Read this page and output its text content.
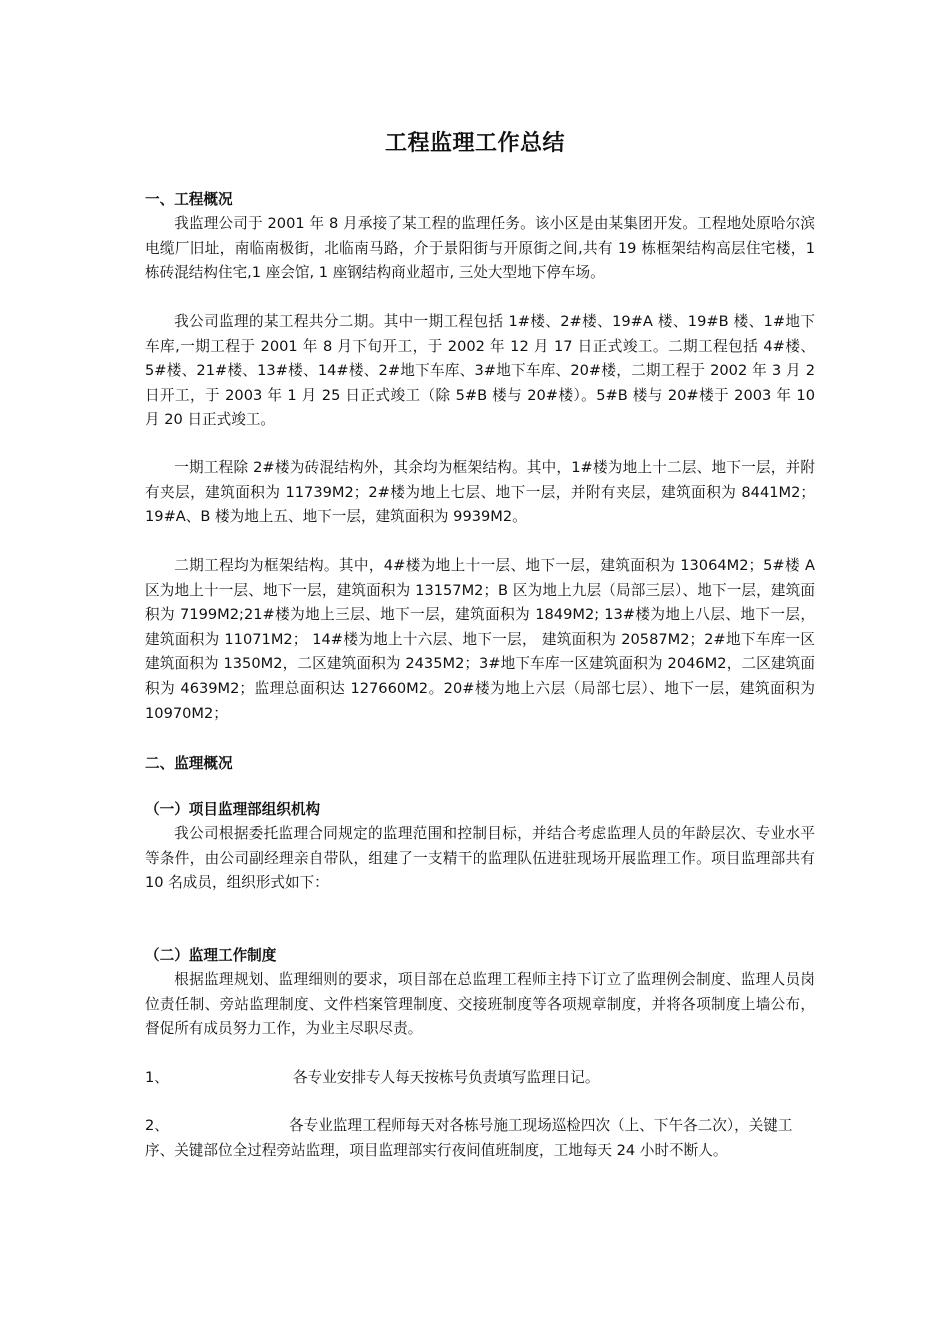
工程监理工作总结
一、工程概况

我监理公司于 2001 年 8 月承接了某工程的监理任务。该小区是由某集团开发。工程地处原哈尔滨电缆厂旧址，南临南极街，北临南马路，介于景阳街与开原街之间,共有 19 栋框架结构高层住宅楼，1 栋砖混结构住宅,1 座会馆, 1 座钢结构商业超市, 三处大型地下停车场。

我公司监理的某工程共分二期。其中一期工程包括 1#楼、2#楼、19#A 楼、19#B 楼、1#地下车库,一期工程于 2001 年 8 月下旬开工，于 2002 年 12 月 17 日正式竣工。二期工程包括 4#楼、5#楼、21#楼、13#楼、14#楼、2#地下车库、3#地下车库、20#楼，二期工程于 2002 年 3 月 2 日开工，于 2003 年 1 月 25 日正式竣工（除 5#B 楼与 20#楼）。5#B 楼与 20#楼于 2003 年 10 月 20 日正式竣工。

一期工程除 2#楼为砖混结构外，其余均为框架结构。其中，1#楼为地上十二层、地下一层，并附有夹层，建筑面积为 11739M2；2#楼为地上七层、地下一层，并附有夹层，建筑面积为 8441M2； 19#A、B 楼为地上五、地下一层，建筑面积为 9939M2。

二期工程均为框架结构。其中，4#楼为地上十一层、地下一层，建筑面积为 13064M2；5#楼 A 区为地上十一层、地下一层，建筑面积为 13157M2；B 区为地上九层（局部三层）、地下一层，建筑面积为 7199M2;21#楼为地上三层、地下一层，建筑面积为 1849M2; 13#楼为地上八层、地下一层， 建筑面积为 11071M2； 14#楼为地上十六层、地下一层， 建筑面积为 20587M2；2#地下车库一区建筑面积为 1350M2，二区建筑面积为 2435M2；3#地下车库一区建筑面积为 2046M2，二区建筑面积为 4639M2；监理总面积达 127660M2。20#楼为地上六层（局部七层）、地下一层，建筑面积为 10970M2；

二、监理概况
（一）项目监理部组织机构

我公司根据委托监理合同规定的监理范围和控制目标，并结合考虑监理人员的年龄层次、专业水平等条件，由公司副经理亲自带队，组建了一支精干的监理队伍进驻现场开展监理工作。项目监理部共有 10 名成员，组织形式如下：

（二）监理工作制度

根据监理规划、监理细则的要求，项目部在总监理工程师主持下订立了监理例会制度、监理人员岗位责任制、旁站监理制度、文件档案管理制度、交接班制度等各项规章制度，并将各项制度上墙公布，督促所有成员努力工作，为业主尽职尽责。

1、	各专业安排专人每天按栋号负责填写监理日记。
2、	各专业监理工程师每天对各栋号施工现场巡检四次（上、下午各二次），关键工序、关键部位全过程旁站监理，项目监理部实行夜间值班制度，工地每天 24 小时不断人。
